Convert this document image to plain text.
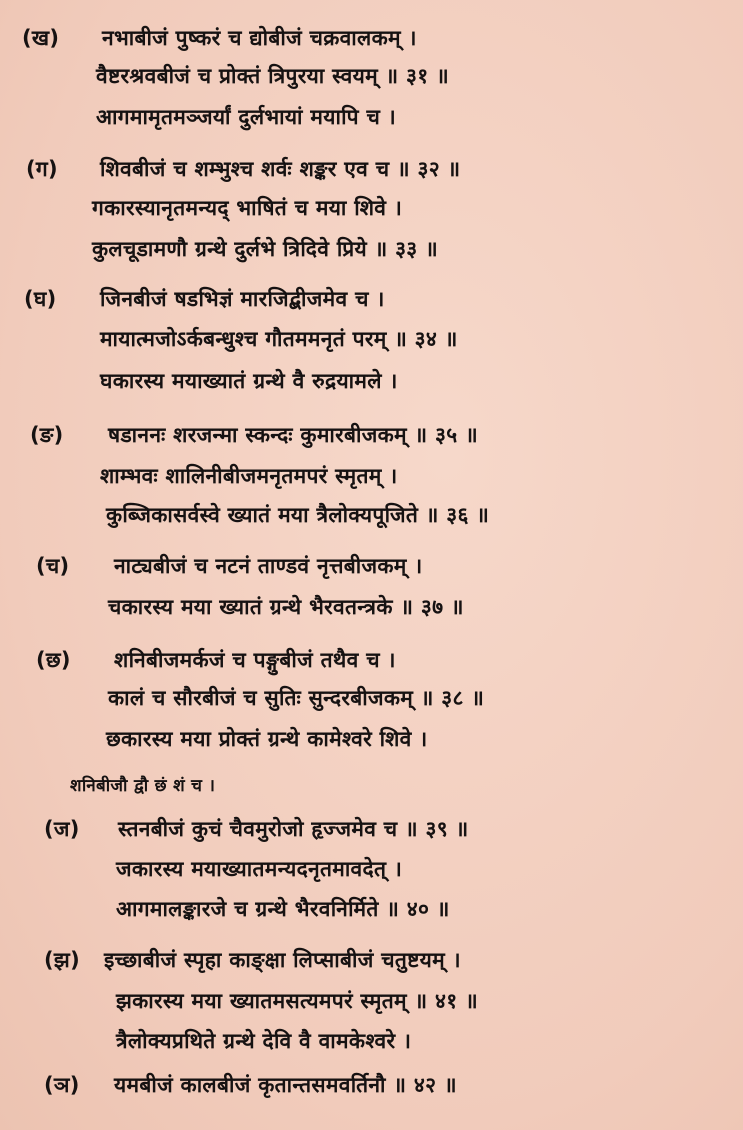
(ख) नभाबीजं पुष्करं च द्योबीजं चक्रवालकम् ।
वैष्टरश्रवबीजं च प्रोक्तं त्रिपुरया स्वयम् ॥ ३१ ॥
आगमामृतमञ्जर्यां दुर्लभायां मयापि च ।
(ग) शिवबीजं च शम्भुश्च शर्वः शङ्कर एव च ॥ ३२ ॥
गकारस्यानृतमन्यद् भाषितं च मया शिवे ।
कुलचूडामणौ ग्रन्थे दुर्लभे त्रिदिवे प्रिये ॥ ३३ ॥
(घ) जिनबीजं षडभिज्ञं मारजिद्बीजमेव च ।
मायात्मजोऽर्कबन्धुश्च गौतममनृतं परम् ॥ ३४ ॥
घकारस्य मयाख्यातं ग्रन्थे वै रुद्रयामले ।
(ङ) षडाननः शरजन्मा स्कन्दः कुमारबीजकम् ॥ ३५ ॥
शाम्भवः शालिनीबीजमनृतमपरं स्मृतम् ।
कुब्जिकासर्वस्वे ख्यातं मया त्रैलोक्यपूजिते ॥ ३६ ॥
(च) नाट्यबीजं च नटनं ताण्डवं नृत्तबीजकम् ।
चकारस्य मया ख्यातं ग्रन्थे भैरवतन्त्रके ॥ ३७ ॥
(छ) शनिबीजमर्कजं च पङ्गुबीजं तथैव च ।
कालं च सौरबीजं च सुतिः सुन्दरबीजकम् ॥ ३८ ॥
छकारस्य मया प्रोक्तं ग्रन्थे कामेश्वरे शिवे ।
शनिबीजौ द्वौ छं शं च ।
(ज) स्तनबीजं कुचं चैवमुरोजो हृज्जमेव च ॥ ३९ ॥
जकारस्य मयाख्यातमन्यदनृतमावदेत् ।
आगमालङ्कारजे च ग्रन्थे भैरवनिर्मिते ॥ ४० ॥
(झ) इच्छाबीजं स्पृहा काङ्क्षा लिप्साबीजं चतुष्टयम् ।
झकारस्य मया ख्यातमसत्यमपरं स्मृतम् ॥ ४१ ॥
त्रैलोक्यप्रथिते ग्रन्थे देवि वै वामकेश्वरे ।
(ञ) यमबीजं कालबीजं कृतान्तसमवर्तिनौ ॥ ४२ ॥
